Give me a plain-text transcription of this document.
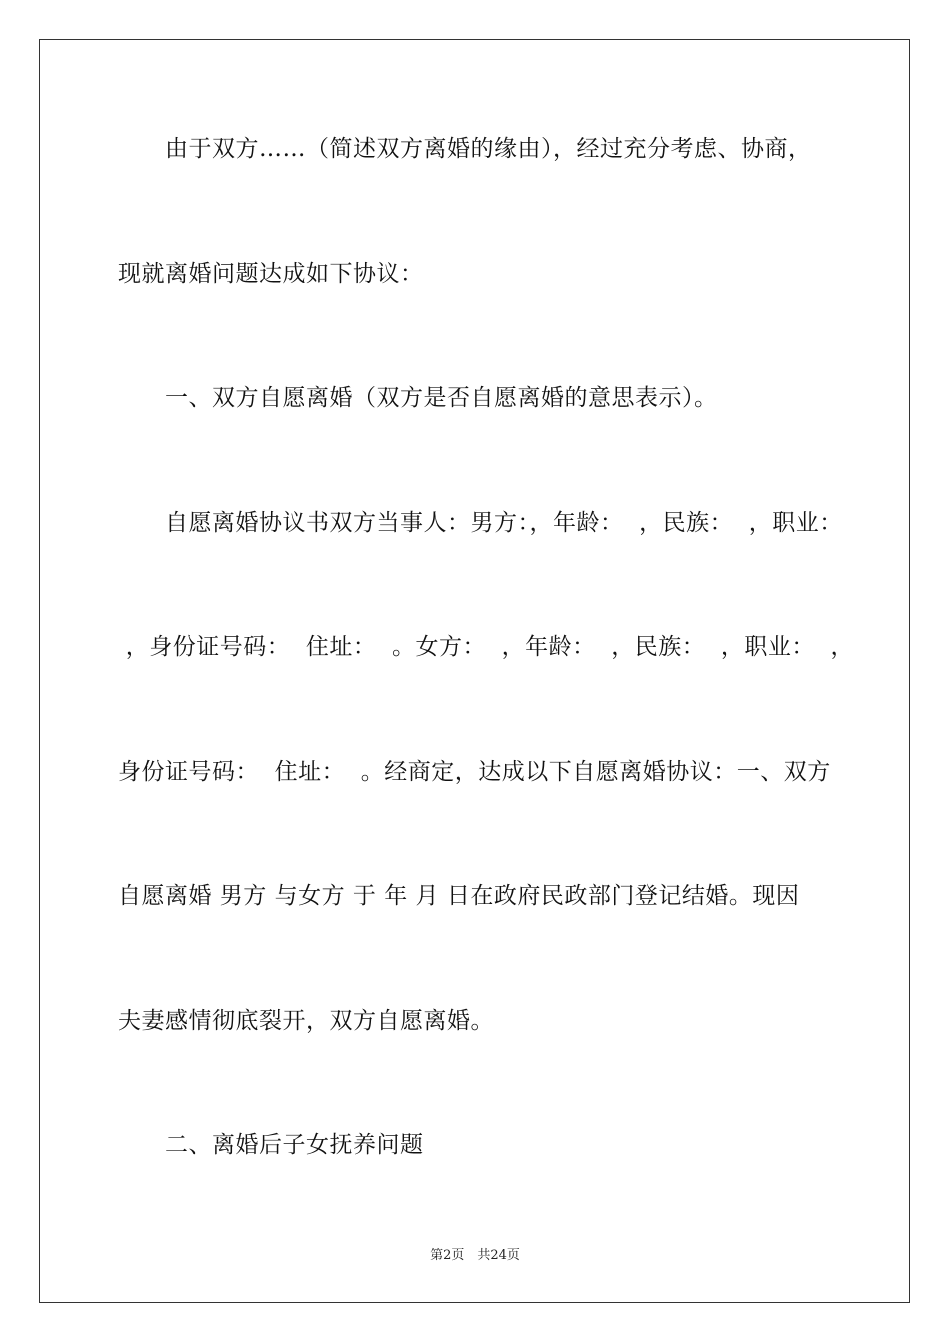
　　由于双方……（简述双方离婚的缘由），经过充分考虑、协商，
现就离婚问题达成如下协议：
　　一、双方自愿离婚（双方是否自愿离婚的意思表示）。
　　自愿离婚协议书双方当事人：男方：，年龄：  ，民族：  ，职业：
，身份证号码：  住址：  。女方：  ，年龄：  ，民族：  ，职业：  ，
身份证号码：  住址：  。经商定，达成以下自愿离婚协议：一、双方
自愿离婚 男方 与女方 于 年 月 日在政府民政部门登记结婚。现因
夫妻感情彻底裂开，双方自愿离婚。
　　二、离婚后子女抚养问题
第2页　共24页
